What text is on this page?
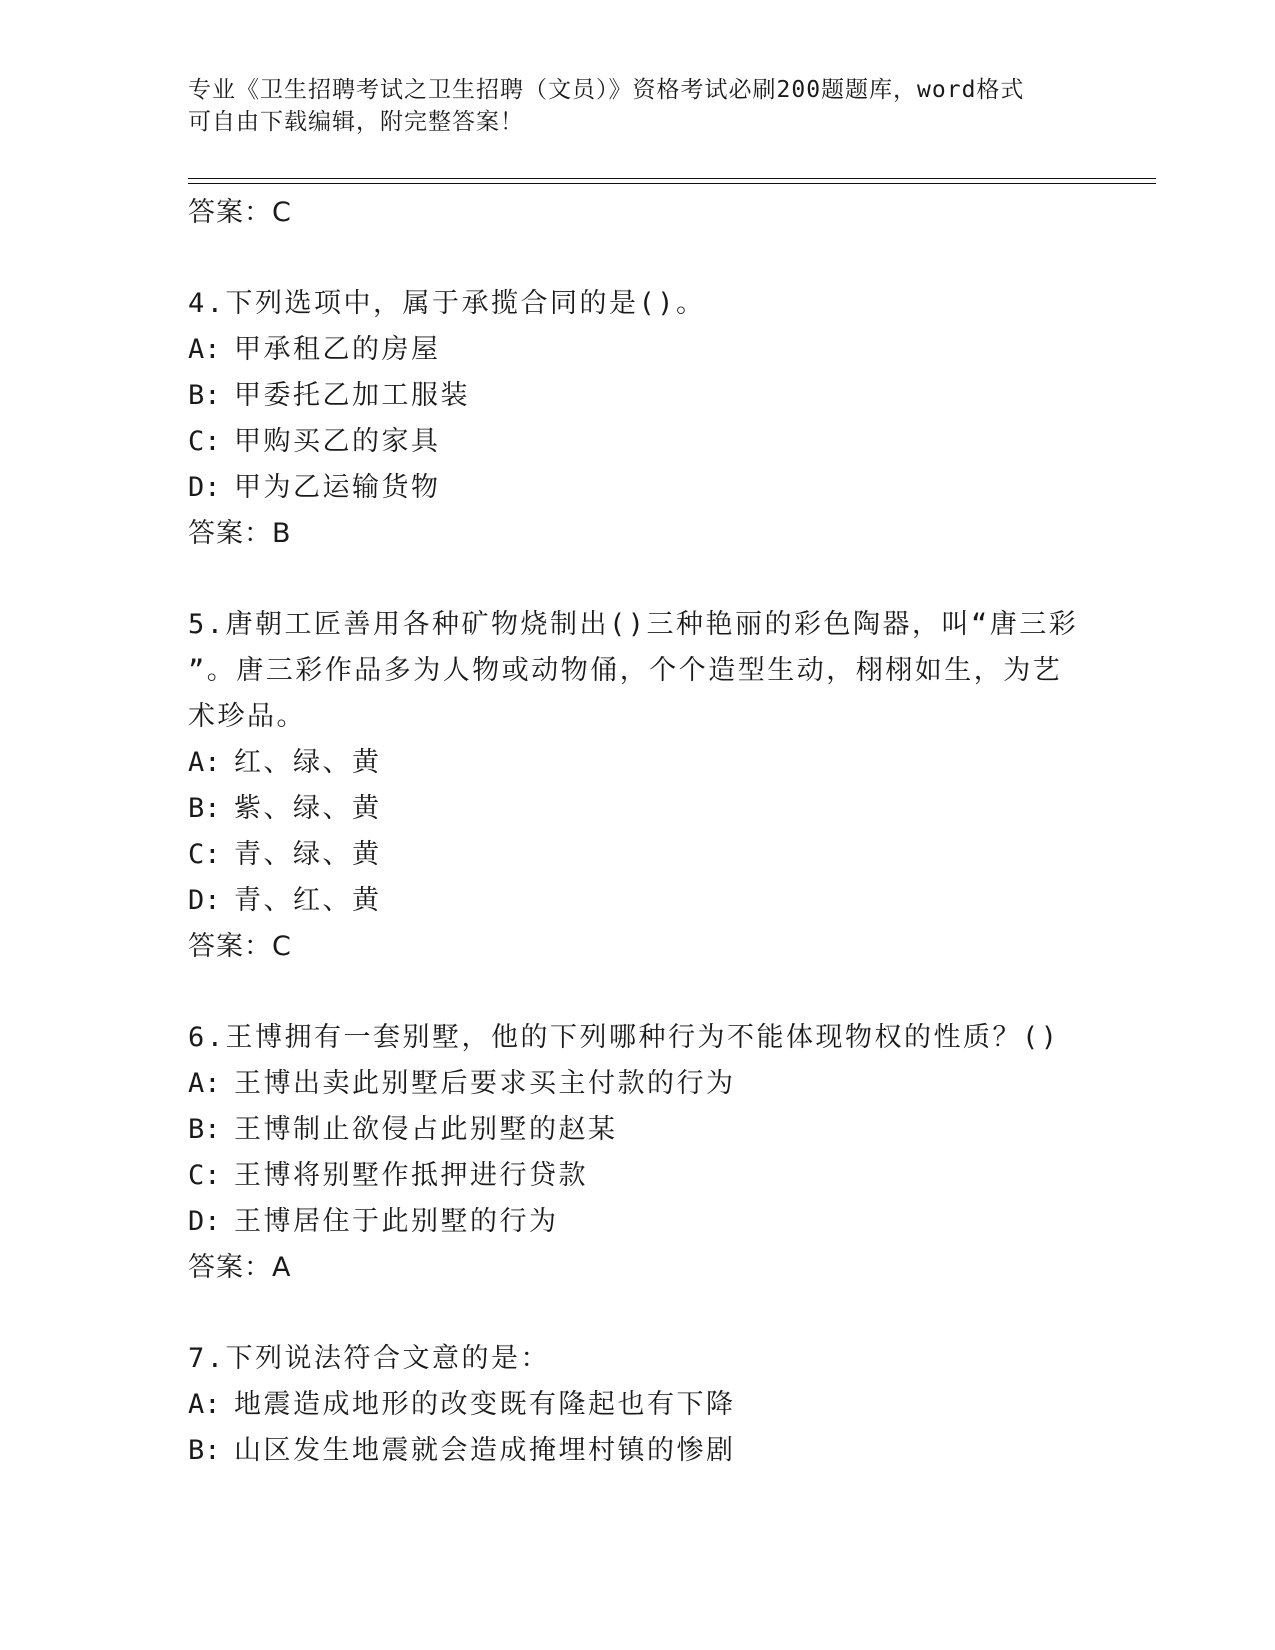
专业《卫生招聘考试之卫生招聘（文员）》资格考试必刷200题题库，word格式
可自由下载编辑，附完整答案！
答案：C
4.下列选项中，属于承揽合同的是()。
A: 甲承租乙的房屋
B: 甲委托乙加工服装
C: 甲购买乙的家具
D: 甲为乙运输货物
答案：B
5.唐朝工匠善用各种矿物烧制出()三种艳丽的彩色陶器，叫“唐三彩
”。唐三彩作品多为人物或动物俑，个个造型生动，栩栩如生，为艺
术珍品。
A: 红、绿、黄
B: 紫、绿、黄
C: 青、绿、黄
D: 青、红、黄
答案：C
6.王博拥有一套别墅，他的下列哪种行为不能体现物权的性质？()
A: 王博出卖此别墅后要求买主付款的行为
B: 王博制止欲侵占此别墅的赵某
C: 王博将别墅作抵押进行贷款
D: 王博居住于此别墅的行为
答案：A
7.下列说法符合文意的是：
A: 地震造成地形的改变既有隆起也有下降
B: 山区发生地震就会造成掩埋村镇的惨剧
